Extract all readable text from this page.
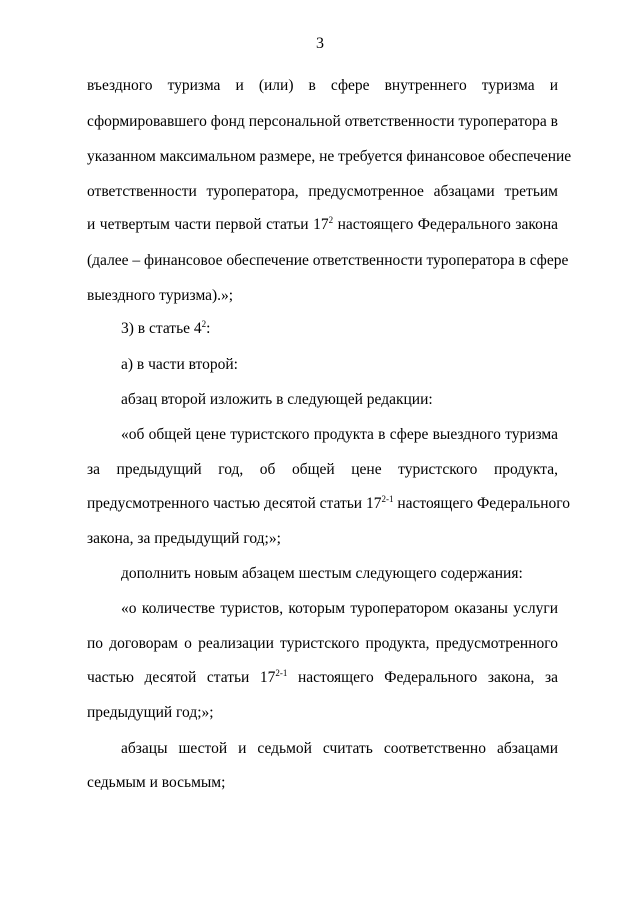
3
въездного туризма и (или) в сфере внутреннего туризма и
сформировавшего фонд персональной ответственности туроператора в
указанном максимальном размере, не требуется финансовое обеспечение
ответственности туроператора, предусмотренное абзацами третьим
и четвертым части первой статьи $17^2$ настоящего Федерального закона
(далее – финансовое обеспечение ответственности туроператора в сфере
выездного туризма).»;
3) в статье $4^2$:
а) в части второй:
абзац второй изложить в следующей редакции:
«об общей цене туристского продукта в сфере выездного туризма
за предыдущий год, об общей цене туристского продукта,
предусмотренного частью десятой статьи 17$^{2-1}$ настоящего Федерального
закона, за предыдущий год;»;
дополнить новым абзацем шестым следующего содержания:
«о количестве туристов, которым туроператором оказаны услуги
по договорам о реализации туристского продукта, предусмотренного
частью десятой статьи 17$^{2-1}$ настоящего Федерального закона, за
предыдущий год;»;
абзацы шестой и седьмой считать соответственно абзацами
седьмым и восьмым;
